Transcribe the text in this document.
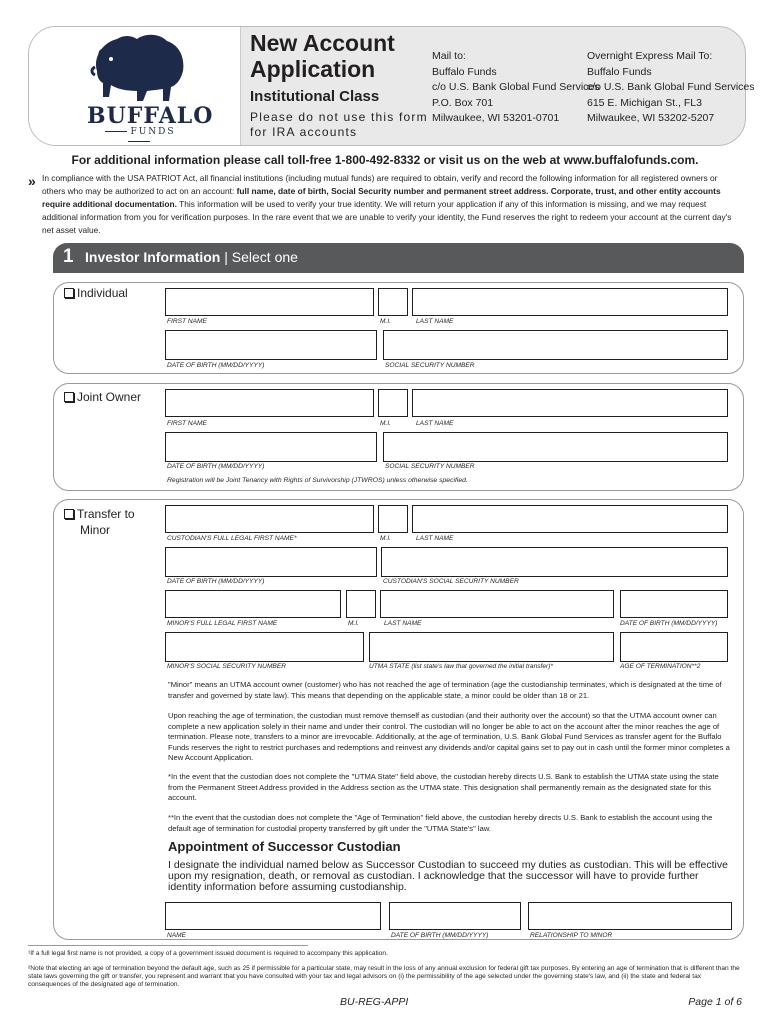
BUFFALO
FUNDS
New Account
Application
Institutional Class
Please do not use this form
for IRA accounts
Mail to:
Buffalo Funds
c/o U.S. Bank Global Fund Services
P.O. Box 701
Milwaukee, WI 53201-0701
Overnight Express Mail To:
Buffalo Funds
c/o U.S. Bank Global Fund Services
615 E. Michigan St., FL3
Milwaukee, WI 53202-5207
For additional information please call toll-free 1-800-492-8332 or visit us on the web at www.buffalofunds.com.
» In compliance with the USA PATRIOT Act, all financial institutions (including mutual funds) are required to obtain, verify and record the following information for all registered owners or others who may be authorized to act on an account: full name, date of birth, Social Security number and permanent street address. Corporate, trust, and other entity accounts require additional documentation. This information will be used to verify your true identity. We will return your application if any of this information is missing, and we may request additional information from you for verification purposes. In the rare event that we are unable to verify your identity, the Fund reserves the right to redeem your account at the current day's net asset value.
1 Investor Information | Select one
Individual
FIRST NAME	M.I.	LAST NAME
DATE OF BIRTH (MM/DD/YYYY)	SOCIAL SECURITY NUMBER
Joint Owner
FIRST NAME	M.I.	LAST NAME
DATE OF BIRTH (MM/DD/YYYY)	SOCIAL SECURITY NUMBER
Registration will be Joint Tenancy with Rights of Survivorship (JTWROS) unless otherwise specified.
Transfer to
Minor
CUSTODIAN'S FULL LEGAL FIRST NAME*	M.I.	LAST NAME
DATE OF BIRTH (MM/DD/YYYY)	CUSTODIAN'S SOCIAL SECURITY NUMBER
MINOR'S FULL LEGAL FIRST NAME	M.I.	LAST NAME	DATE OF BIRTH (MM/DD/YYYY)
MINOR'S SOCIAL SECURITY NUMBER	UTMA STATE (list state's law that governed the initial transfer)*	AGE OF TERMINATION**2
"Minor" means an UTMA account owner (customer) who has not reached the age of termination (age the custodianship terminates, which is designated at the time of transfer and governed by state law). This means that depending on the applicable state, a minor could be older than 18 or 21.
Upon reaching the age of termination, the custodian must remove themself as custodian (and their authority over the account) so that the UTMA account owner can complete a new application solely in their name and under their control. The custodian will no longer be able to act on the account after the minor reaches the age of termination. Please note, transfers to a minor are irrevocable. Additionally, at the age of termination, U.S. Bank Global Fund Services as transfer agent for the Buffalo Funds reserves the right to restrict purchases and redemptions and reinvest any dividends and/or capital gains set to pay out in cash until the former minor completes a New Account Application.
*In the event that the custodian does not complete the "UTMA State" field above, the custodian hereby directs U.S. Bank to establish the UTMA state using the state from the Permanent Street Address provided in the Address section as the UTMA state. This designation shall permanently remain as the designated state for this account.
**In the event that the custodian does not complete the "Age of Termination" field above, the custodian hereby directs U.S. Bank to establish the account using the default age of termination for custodial property transferred by gift under the "UTMA State's" law.
Appointment of Successor Custodian
I designate the individual named below as Successor Custodian to succeed my duties as custodian. This will be effective upon my resignation, death, or removal as custodian. I acknowledge that the successor will have to provide further identity information before assuming custodianship.
NAME	DATE OF BIRTH (MM/DD/YYYY)	RELATIONSHIP TO MINOR
¹If a full legal first name is not provided, a copy of a government issued document is required to accompany this application.
²Note that electing an age of termination beyond the default age, such as 25 if permissible for a particular state, may result in the loss of any annual exclusion for federal gift tax purposes. By entering an age of termination that is different than the state laws governing the gift or transfer, you represent and warrant that you have consulted with your tax and legal advisors on (i) the permissibility of the age selected under the governing state's law, and (ii) the state and federal tax consequences of the designated age of termination.
BU-REG-APPI	Page 1 of 6
